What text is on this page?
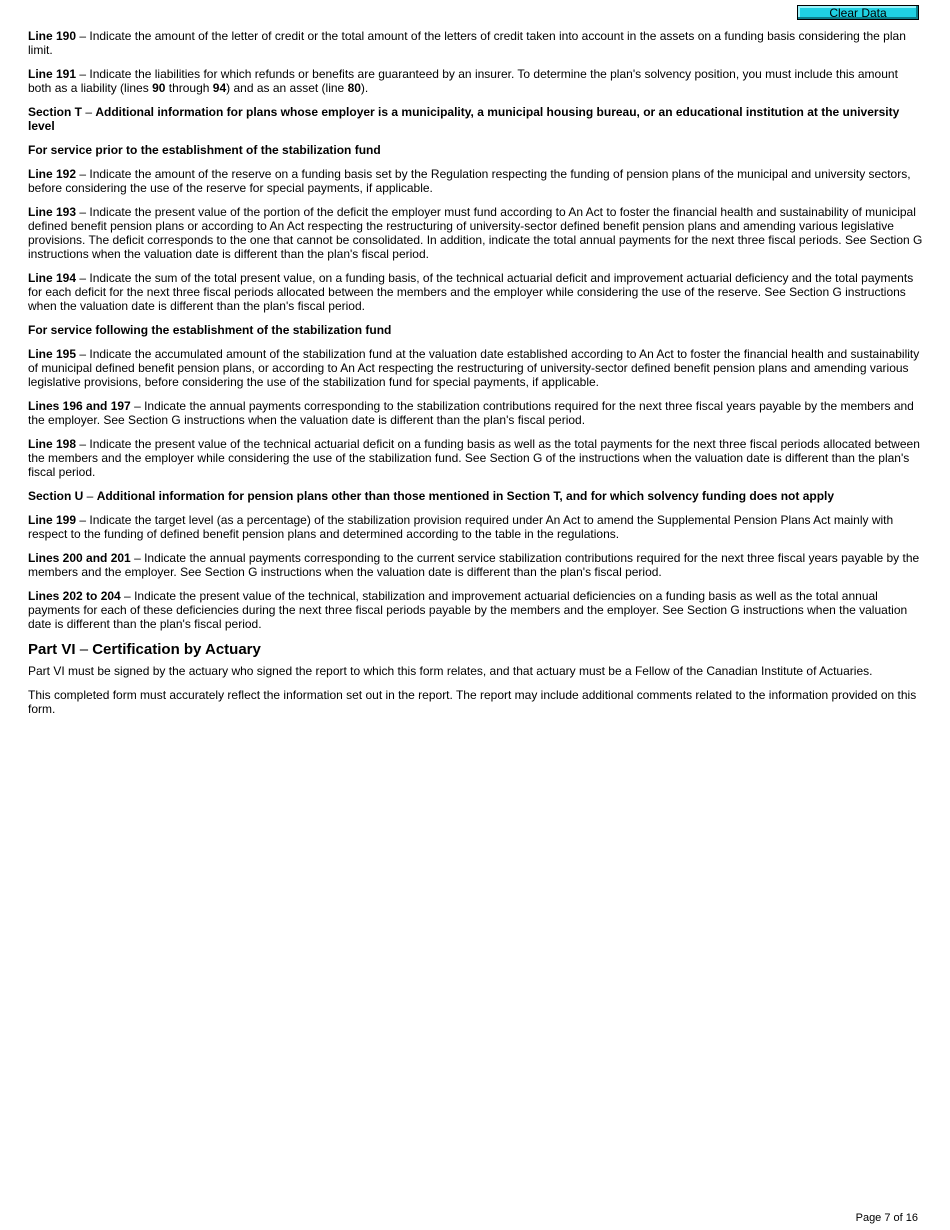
Clear Data

Line 190 – Indicate the amount of the letter of credit or the total amount of the letters of credit taken into account in the assets on a funding basis considering the plan limit.

Line 191 – Indicate the liabilities for which refunds or benefits are guaranteed by an insurer. To determine the plan's solvency position, you must include this amount both as a liability (lines 90 through 94) and as an asset (line 80).

Section T – Additional information for plans whose employer is a municipality, a municipal housing bureau, or an educational institution at the university level

For service prior to the establishment of the stabilization fund

Line 192 – Indicate the amount of the reserve on a funding basis set by the Regulation respecting the funding of pension plans of the municipal and university sectors, before considering the use of the reserve for special payments, if applicable.

Line 193 – Indicate the present value of the portion of the deficit the employer must fund according to An Act to foster the financial health and sustainability of municipal defined benefit pension plans or according to An Act respecting the restructuring of university-sector defined benefit pension plans and amending various legislative provisions. The deficit corresponds to the one that cannot be consolidated. In addition, indicate the total annual payments for the next three fiscal periods. See Section G instructions when the valuation date is different than the plan's fiscal period.

Line 194 – Indicate the sum of the total present value, on a funding basis, of the technical actuarial deficit and improvement actuarial deficiency and the total payments for each deficit for the next three fiscal periods allocated between the members and the employer while considering the use of the reserve. See Section G instructions when the valuation date is different than the plan's fiscal period.

For service following the establishment of the stabilization fund

Line 195 – Indicate the accumulated amount of the stabilization fund at the valuation date established according to An Act to foster the financial health and sustainability of municipal defined benefit pension plans, or according to An Act respecting the restructuring of university-sector defined benefit pension plans and amending various legislative provisions, before considering the use of the stabilization fund for special payments, if applicable.

Lines 196 and 197 – Indicate the annual payments corresponding to the stabilization contributions required for the next three fiscal years payable by the members and the employer. See Section G instructions when the valuation date is different than the plan's fiscal period.

Line 198 – Indicate the present value of the technical actuarial deficit on a funding basis as well as the total payments for the next three fiscal periods allocated between the members and the employer while considering the use of the stabilization fund. See Section G of the instructions when the valuation date is different than the plan's fiscal period.

Section U – Additional information for pension plans other than those mentioned in Section T, and for which solvency funding does not apply

Line 199 – Indicate the target level (as a percentage) of the stabilization provision required under An Act to amend the Supplemental Pension Plans Act mainly with respect to the funding of defined benefit pension plans and determined according to the table in the regulations.

Lines 200 and 201 – Indicate the annual payments corresponding to the current service stabilization contributions required for the next three fiscal years payable by the members and the employer. See Section G instructions when the valuation date is different than the plan's fiscal period.

Lines 202 to 204 – Indicate the present value of the technical, stabilization and improvement actuarial deficiencies on a funding basis as well as the total annual payments for each of these deficiencies during the next three fiscal periods payable by the members and the employer. See Section G instructions when the valuation date is different than the plan's fiscal period.

Part VI – Certification by Actuary

Part VI must be signed by the actuary who signed the report to which this form relates, and that actuary must be a Fellow of the Canadian Institute of Actuaries.

This completed form must accurately reflect the information set out in the report. The report may include additional comments related to the information provided on this form.

Page 7 of 16
